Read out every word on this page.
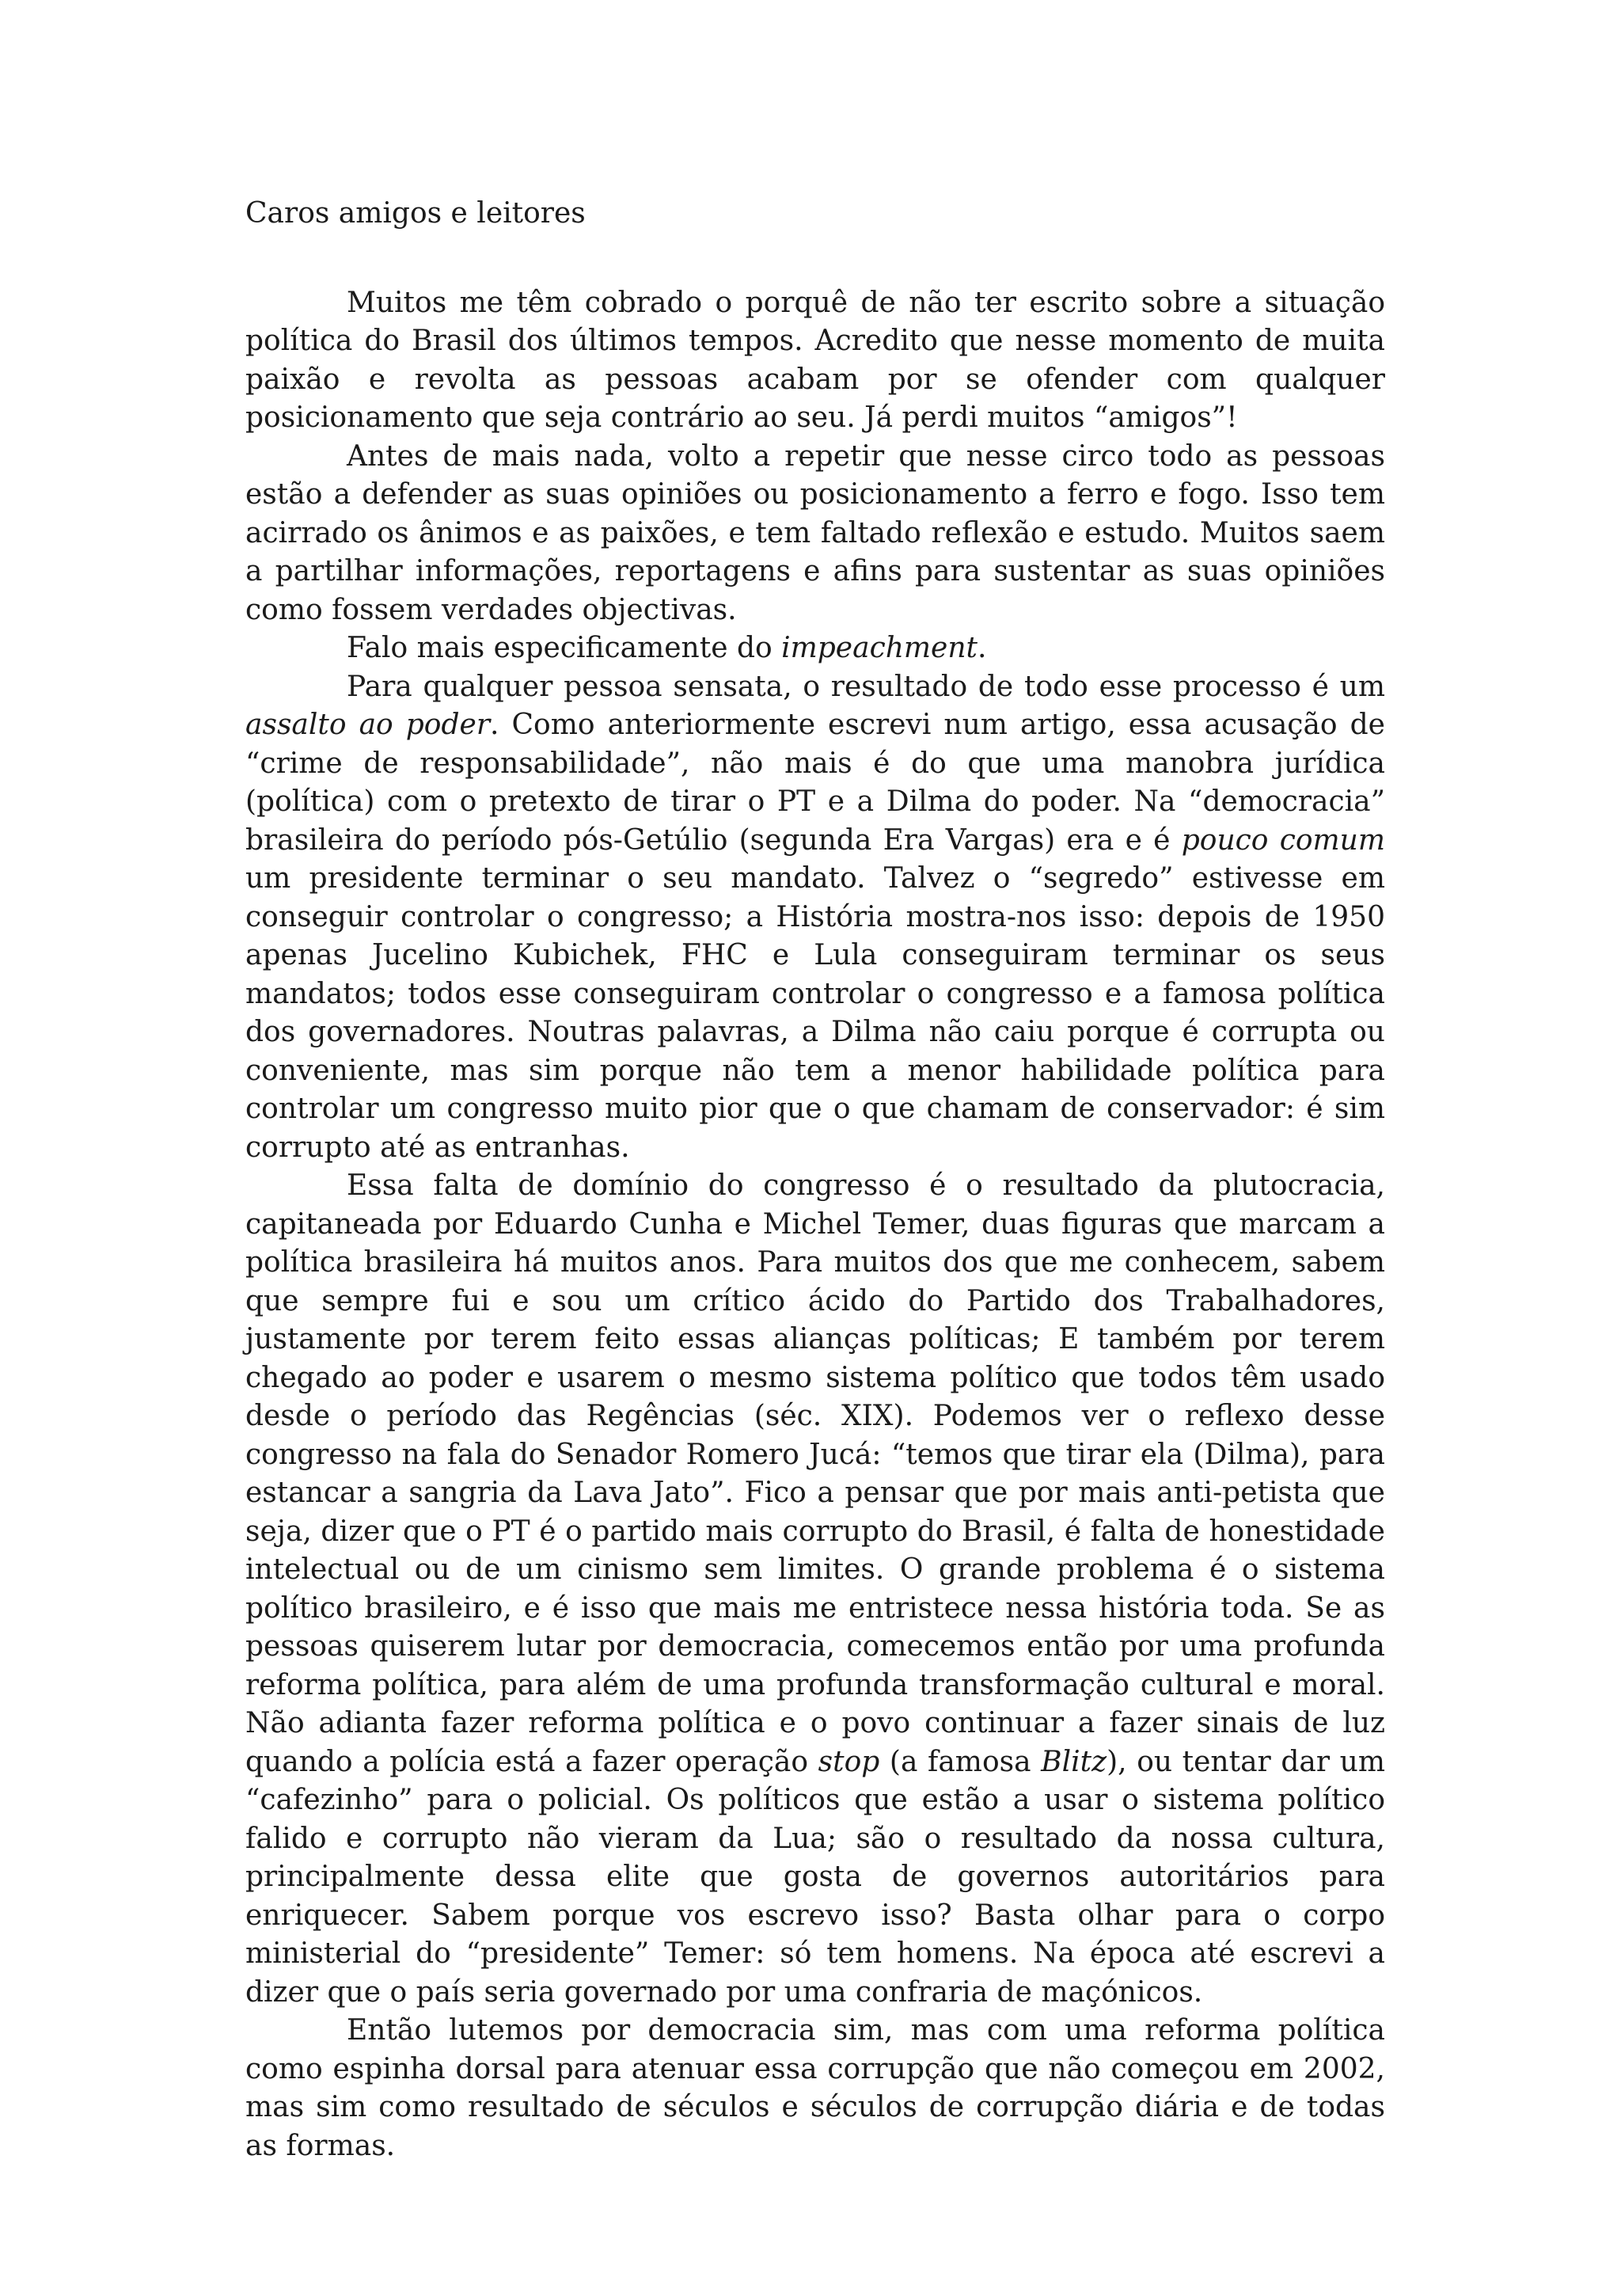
Caros amigos e leitores

Muitos me têm cobrado o porquê de não ter escrito sobre a situação política do Brasil dos últimos tempos. Acredito que nesse momento de muita paixão e revolta as pessoas acabam por se ofender com qualquer posicionamento que seja contrário ao seu. Já perdi muitos “amigos”!

Antes de mais nada, volto a repetir que nesse circo todo as pessoas estão a defender as suas opiniões ou posicionamento a ferro e fogo. Isso tem acirrado os ânimos e as paixões, e tem faltado reflexão e estudo. Muitos saem a partilhar informações, reportagens e afins para sustentar as suas opiniões como fossem verdades objectivas.

Falo mais especificamente do impeachment.

Para qualquer pessoa sensata, o resultado de todo esse processo é um assalto ao poder. Como anteriormente escrevi num artigo, essa acusação de “crime de responsabilidade”, não mais é do que uma manobra jurídica (política) com o pretexto de tirar o PT e a Dilma do poder. Na “democracia” brasileira do período pós-Getúlio (segunda Era Vargas) era e é pouco comum um presidente terminar o seu mandato. Talvez o “segredo” estivesse em conseguir controlar o congresso; a História mostra-nos isso: depois de 1950 apenas Jucelino Kubichek, FHC e Lula conseguiram terminar os seus mandatos; todos esse conseguiram controlar o congresso e a famosa política dos governadores. Noutras palavras, a Dilma não caiu porque é corrupta ou conveniente, mas sim porque não tem a menor habilidade política para controlar um congresso muito pior que o que chamam de conservador: é sim corrupto até as entranhas.

Essa falta de domínio do congresso é o resultado da plutocracia, capitaneada por Eduardo Cunha e Michel Temer, duas figuras que marcam a política brasileira há muitos anos. Para muitos dos que me conhecem, sabem que sempre fui e sou um crítico ácido do Partido dos Trabalhadores, justamente por terem feito essas alianças políticas; E também por terem chegado ao poder e usarem o mesmo sistema político que todos têm usado desde o período das Regências (séc. XIX). Podemos ver o reflexo desse congresso na fala do Senador Romero Jucá: “temos que tirar ela (Dilma), para estancar a sangria da Lava Jato”. Fico a pensar que por mais anti-petista que seja, dizer que o PT é o partido mais corrupto do Brasil, é falta de honestidade intelectual ou de um cinismo sem limites. O grande problema é o sistema político brasileiro, e é isso que mais me entristece nessa história toda. Se as pessoas quiserem lutar por democracia, comecemos então por uma profunda reforma política, para além de uma profunda transformação cultural e moral. Não adianta fazer reforma política e o povo continuar a fazer sinais de luz quando a polícia está a fazer operação stop (a famosa Blitz), ou tentar dar um “cafezinho” para o policial. Os políticos que estão a usar o sistema político falido e corrupto não vieram da Lua; são o resultado da nossa cultura, principalmente dessa elite que gosta de governos autoritários para enriquecer. Sabem porque vos escrevo isso? Basta olhar para o corpo ministerial do “presidente” Temer: só tem homens. Na época até escrevi a dizer que o país seria governado por uma confraria de maçónicos.

Então lutemos por democracia sim, mas com uma reforma política como espinha dorsal para atenuar essa corrupção que não começou em 2002, mas sim como resultado de séculos e séculos de corrupção diária e de todas as formas.
